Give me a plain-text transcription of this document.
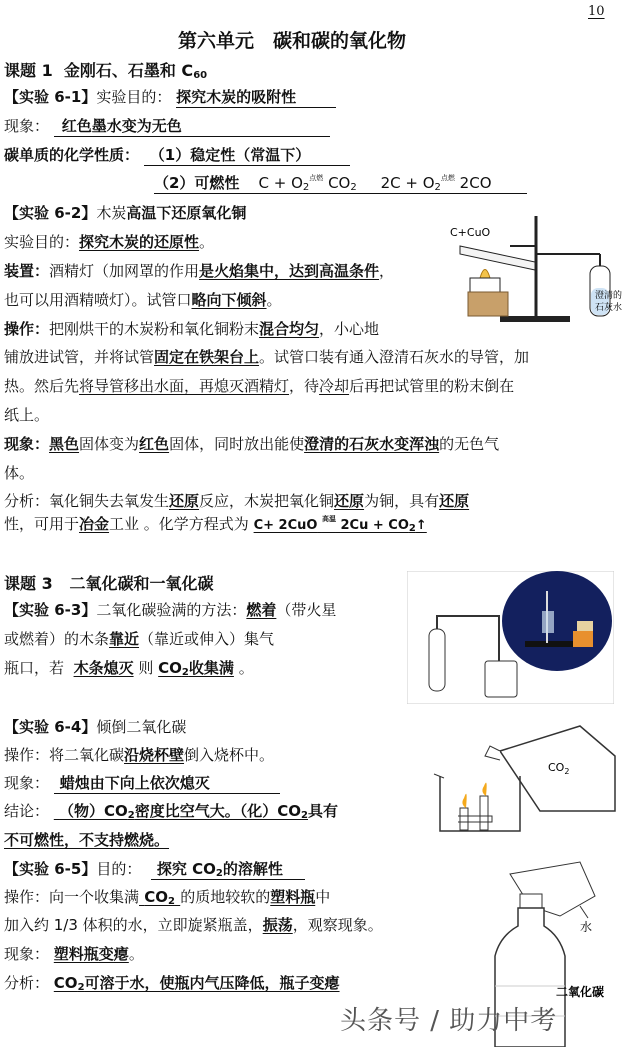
10
第六单元　碳和碳的氧化物
课题 1 金刚石、石墨和 $C_{60}$
【实验 6-1】实验目的： 探究木炭的吸附性
现象： 红色墨水变为无色
碳单质的化学性质： （1）稳定性（常温下）
（2）可燃性 $C + O_2^{点燃}$ $CO_2$ $2C + O_2^{点燃}$ 2CO
【实验 6-2】木炭高温下还原氧化铜
实验目的：探究木炭的还原性。
装置：酒精灯（加网罩的作用是火焰集中，达到高温条件，
也可以用酒精喷灯）。试管口略向下倾斜。
操作：把刚烘干的木炭粉和氧化铜粉末混合均匀，小心地
铺放进试管，并将试管固定在铁架台上。试管口装有通入澄清石灰水的导管，加
热。然后先将导管移出水面，再熄灭酒精灯，待冷却后再把试管里的粉末倒在
纸上。
现象：黑色固体变为红色固体，同时放出能使澄清的石灰水变浑浊的无色气
体。
分析：氧化铜失去氧发生还原反应，木炭把氧化铜还原为铜，具有还原
性，可用于冶金工业 。化学方程式为 C+ 2CuO $^{高温}$ $2Cu + CO_2↑$
C+CuO
澄清的
石灰水
课题 3 二氧化碳和一氧化碳
【实验 6-3】二氧化碳验满的方法：燃着（带火星
或燃着）的木条靠近（靠近或伸入）集气
瓶口，若 木条熄灭 则 $CO_2$收集满 。
【实验 6-4】倾倒二氧化碳
操作：将二氧化碳沿烧杯壁倒入烧杯中。
现象： 蜡烛由下向上依次熄灭
结论： （物）$CO_2$密度比空气大。（化）$CO_2$具有
不可燃性，不支持燃烧。
$CO_2$
【实验 6-5】目的： 探究 $CO_2$的溶解性
操作：向一个收集满 $CO_2$ 的质地较软的塑料瓶中
加入约 1/3 体积的水，立即旋紧瓶盖，振荡，观察现象。
现象： 塑料瓶变瘪。
分析： $CO_2$可溶于水，使瓶内气压降低，瓶子变瘪
水
二氧化碳
头条号 / 助力中考
